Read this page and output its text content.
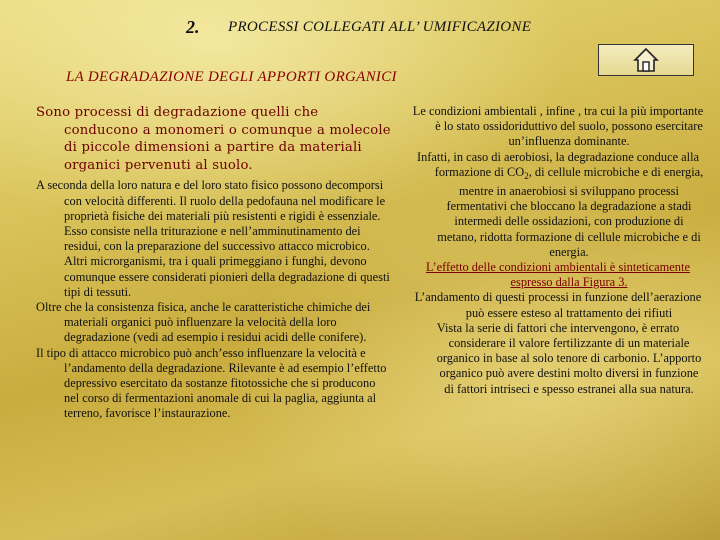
2. PROCESSI COLLEGATI ALL’ UMIFICAZIONE
LA DEGRADAZIONE DEGLI APPORTI ORGANICI
Sono processi di degradazione quelli che conducono a monomeri o comunque a molecole di piccole dimensioni a partire da materiali organici pervenuti al suolo.
A seconda della loro natura e del loro stato fisico possono decomporsi con velocità differenti. Il ruolo della pedofauna nel modificare le proprietà fisiche dei materiali più resistenti e rigidi è essenziale. Esso consiste nella triturazione e nell’amminutinamento dei residui, con la preparazione del successivo attacco microbico. Altri microrganismi, tra i quali primeggiano i funghi, devono comunque essere considerati pionieri della degradazione di questi tipi di tessuti.
Oltre che la consistenza fisica, anche le caratteristiche chimiche dei materiali organici può influenzare la velocità della loro degradazione (vedi ad esempio i residui acidi delle conifere).
Il tipo di attacco microbico può anch’esso influenzare la velocità e l’andamento della degradazione. Rilevante è ad esempio l’effetto depressivo esercitato da sostanze fitotossiche che si producono nel corso di fermentazioni anomale di cui la paglia, aggiunta al terreno, favorisce l’instaurazione.
Le condizioni ambientali , infine , tra cui la più importante è lo stato ossidoriduttivo del suolo, possono esercitare un’influenza dominante.
Infatti, in caso di aerobiosi, la degradazione conduce alla formazione di $CO_2$, di cellule microbiche e di energia, mentre in anaerobiosi si sviluppano processi fermentativi che bloccano la degradazione a stadi intermedi delle ossidazioni, con produzione di metano, ridotta formazione di cellule microbiche e di energia.
L’effetto delle condizioni ambientali è sinteticamente espresso dalla Figura 3.
L’andamento di questi processi in funzione dell’aerazione può essere esteso al trattamento dei rifiuti
Vista la serie di fattori che intervengono, è errato considerare il valore fertilizzante di un materiale organico in base al solo tenore di carbonio. L’apporto organico può avere destini molto diversi in funzione di fattori intriseci e spesso estranei alla sua natura.
